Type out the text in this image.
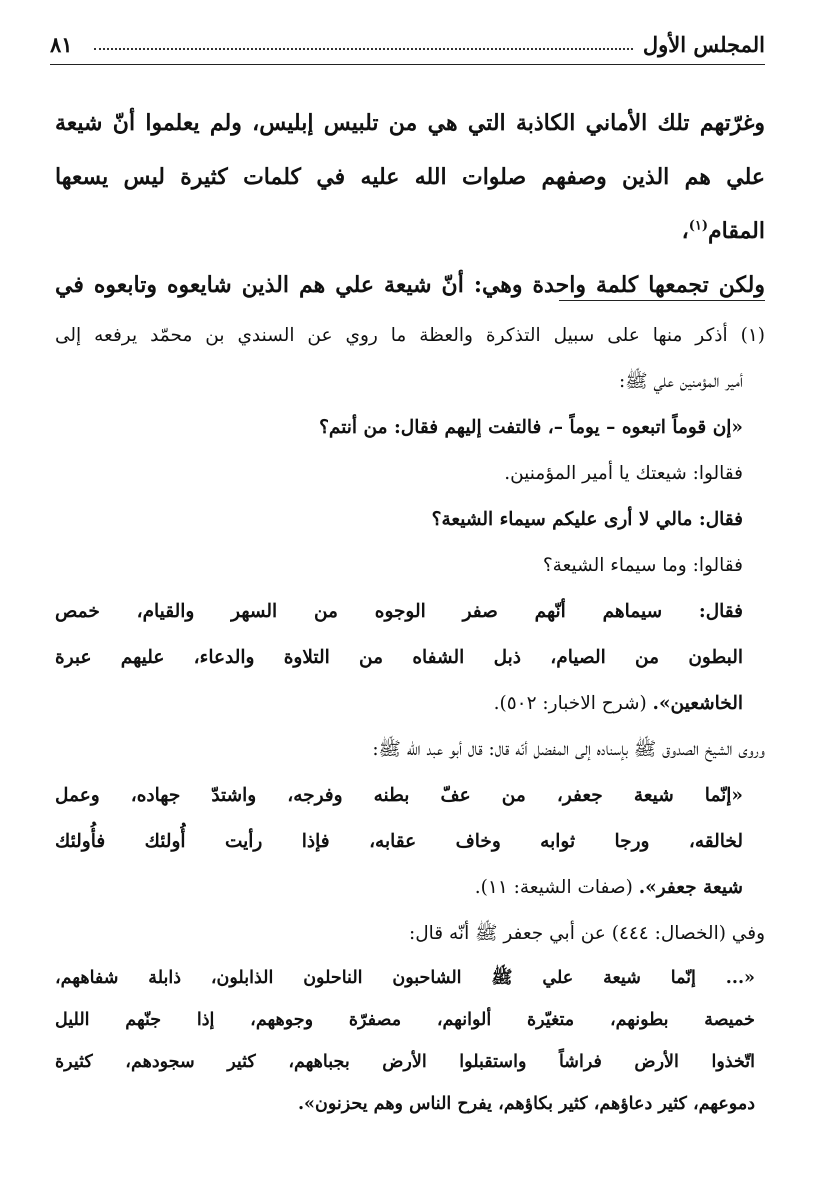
المجلس الأول
٨١

وغرّتهم تلك الأماني الكاذبة التي هي من تلبيس إبليس، ولم يعلموا أنّ شيعة

علي هم الذين وصفهم صلوات الله عليه في كلمات كثيرة ليس يسعها المقام$^{(١)}$،

ولكن تجمعها كلمة واحدة وهي: أنّ شيعة علي هم الذين شايعوه وتابعوه في

(١) أذكر منها على سبيل التذكرة والعظة ما روي عن السندي بن محمّد يرفعه إلى

أمير المؤمنين علي ﷺ:

«إن قوماً اتبعوه – يوماً –، فالتفت إليهم فقال: من أنتم؟

فقالوا: شيعتك يا أمير المؤمنين.

فقال: مالي لا أرى عليكم سيماء الشيعة؟

فقالوا: وما سيماء الشيعة؟

فقال: سيماهم أنّهم صفر الوجوه من السهر والقيام، خمص

البطون من الصيام، ذبل الشفاه من التلاوة والدعاء، عليهم عبرة

الخاشعين». (شرح الاخبار: ٥٠٢).

وروى الشيخ الصدوق ﷺ بإسناده إلى المفضل أنّه قال: قال أبو عبد الله ﷺ:

«إنّما شيعة جعفر، من عفّ بطنه وفرجه، واشتدّ جهاده، وعمل

لخالقه، ورجا ثوابه وخاف عقابه، فإذا رأيت أُولئك فأُولئك

شيعة جعفر». (صفات الشيعة: ١١).

وفي (الخصال: ٤٤٤) عن أبي جعفر ﷺ أنّه قال:

«... إنّما شيعة علي ﷺ الشاحبون الناحلون الذابلون، ذابلة شفاههم،

خميصة بطونهم، متغيّرة ألوانهم، مصفرّة وجوههم، إذا جنّهم الليل

اتّخذوا الأرض فراشاً واستقبلوا الأرض بجباههم، كثير سجودهم، كثيرة

دموعهم، كثير دعاؤهم، كثير بكاؤهم، يفرح الناس وهم يحزنون».
